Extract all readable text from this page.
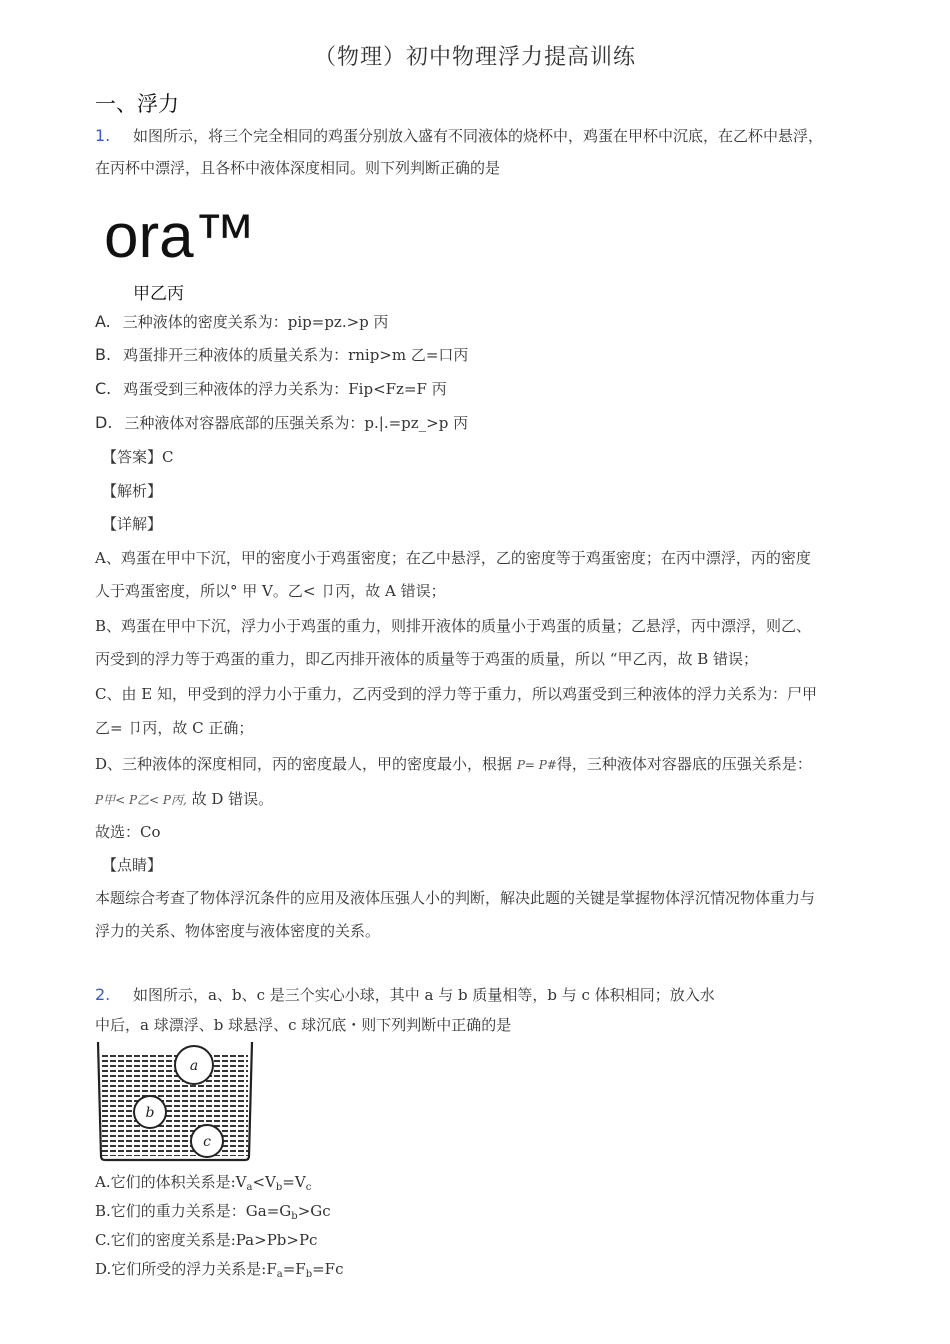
（物理）初中物理浮力提高训练
一、浮力
1. 如图所示，将三个完全相同的鸡蛋分别放入盛有不同液体的烧杯中，鸡蛋在甲杯中沉底，在乙杯中悬浮，
在丙杯中漂浮，且各杯中液体深度相同。则下列判断正确的是
ora™
甲乙丙
A. 三种液体的密度关系为：pip=pz.>p 丙
B. 鸡蛋排开三种液体的质量关系为：rnip>m 乙=口丙
C. 鸡蛋受到三种液体的浮力关系为：Fip<Fz=F 丙
D. 三种液体对容器底部的压强关系为：p.|.=pz_>p 丙
【答案】C
【解析】
【详解】
A、鸡蛋在甲中下沉，甲的密度小于鸡蛋密度；在乙中悬浮，乙的密度等于鸡蛋密度；在丙中漂浮，丙的密度
人于鸡蛋密度，所以° 甲 V。乙< 卩丙，故 A 错误；
B、鸡蛋在甲中下沉，浮力小于鸡蛋的重力，则排开液体的质量小于鸡蛋的质量；乙悬浮，丙中漂浮，则乙、
丙受到的浮力等于鸡蛋的重力，即乙丙排开液体的质量等于鸡蛋的质量，所以 “甲乙丙，故 B 错误；
C、由 E 知，甲受到的浮力小于重力，乙丙受到的浮力等于重力，所以鸡蛋受到三种液体的浮力关系为：尸甲
乙= 卩丙，故 C 正确；
D、三种液体的深度相同，丙的密度最人，甲的密度最小，根据 P= P#得，三种液体对容器底的压强关系是：
P甲< P乙< P丙, 故 D 错误。
故选：Co
【点睛】
本题综合考查了物体浮沉条件的应用及液体压强人小的判断，解决此题的关键是掌握物体浮沉情况物体重力与
浮力的关系、物体密度与液体密度的关系。
2. 如图所示，a、b、c 是三个实心小球，其中 a 与 b 质量相等，b 与 c 体积相同；放入水
中后，a 球漂浮、b 球悬浮、c 球沉底・则下列判断中正确的是
a
b
c
A.它们的体积关系是$:V_a<V_b=V_c$
B.它们的重力关系是：$Ga=G_b>Gc$
C.它们的密度关系是:Pa>Pb>Pc
D.它们所受的浮力关系是$:F_a=F_b=Fc$
